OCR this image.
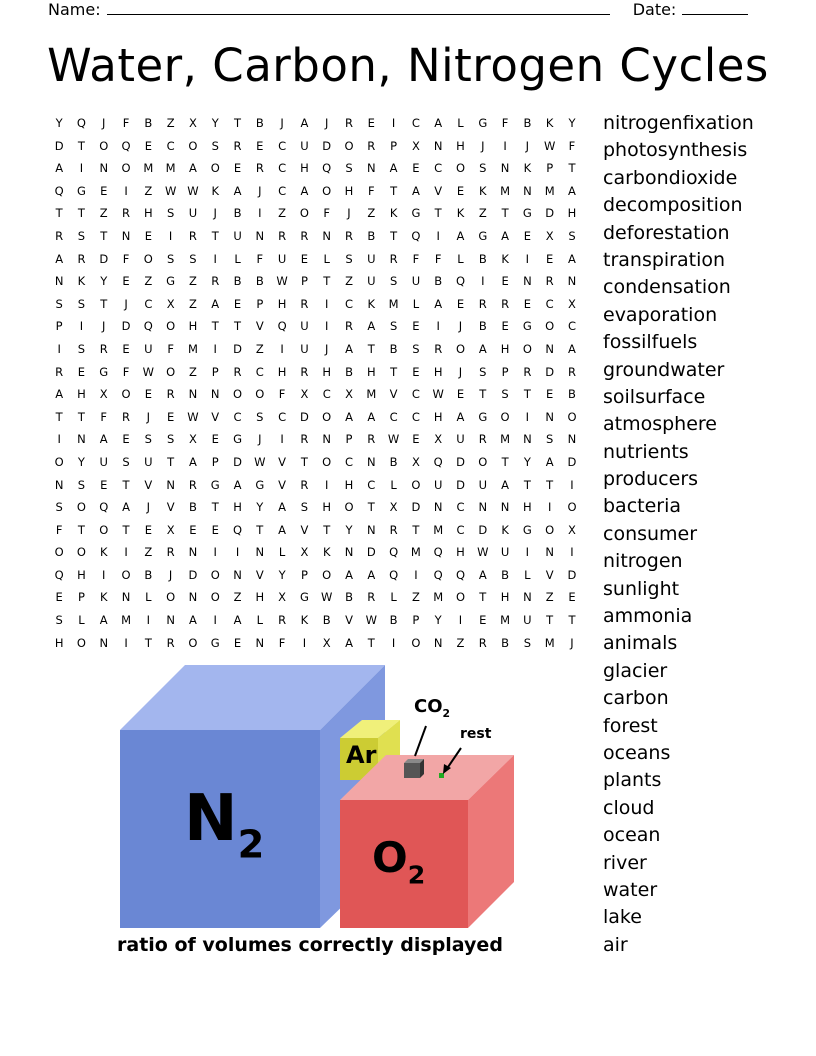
Name:	Date:
Water, Carbon, Nitrogen Cycles
Y	Q	J	F	B	Z	X	Y	T	B	J	A	J	R	E	I	C	A	L	G	F	B	K	Y
D	T	O	Q	E	C	O	S	R	E	C	U	D	O	R	P	X	N	H	J	I	J	W	F
A	I	N	O	M	M	A	O	E	R	C	H	Q	S	N	A	E	C	O	S	N	K	P	T
Q	G	E	I	Z	W W	K	A	J	C	A	O	H	F	T	A	V	E	K	M	N	M	A
T	T	Z	R	H	S	U	J	B	I	Z	O	F	J	Z	K	G	T	K	Z	T	G	D	H
R	S	T	N	E	I	R	T	U	N	R	R	N	R	B	T	Q	I	A	G	A	E	X	S
A	R	D	F	O	S	S	I	L	F	U	E	L	S	U	R	F	F	L	B	K	I	E	A
N	K	Y	E	Z	G	Z	R	B	B	W	P	T	Z	U	S	U	B	Q	I	E	N	R	N
S	S	T	J	C	X	Z	A	E	P	H	R	I	C	K	M	L	A	E	R	R	E	C	X
P	I	J	D	Q	O	H	T	T	V	Q	U	I	R	A	S	E	I	J	B	E	G	O	C
I	S	R	E	U	F	M	I	D	Z	I	U	J	A	T	B	S	R	O	A	H	O	N	A
R	E	G	F	W	O	Z	P	R	C	H	R	H	B	H	T	E	H	J	S	P	R	D	R
A	H	X	O	E	R	N	N	O	O	F	X	C	X	M	V	C	W	E	T	S	T	E	B
T	T	F	R	J	E	W	V	C	S	C	D	O	A	A	C	C	H	A	G	O	I	N	O
I	N	A	E	S	S	X	E	G	J	I	R	N	P	R	W	E	X	U	R	M	N	S	N
O	Y	U	S	U	T	A	P	D	W	V	T	O	C	N	B	X	Q	D	O	T	Y	A	D
N	S	E	T	V	N	R	G	A	G	V	R	I	H	C	L	O	U	D	U	A	T	T	I
S	O	Q	A	J	V	B	T	H	Y	A	S	H	O	T	X	D	N	C	N	N	H	I	O
F	T	O	T	E	X	E	E	Q	T	A	V	T	Y	N	R	T	M	C	D	K	G	O	X
O	O	K	I	Z	R	N	I	I	N	L	X	K	N	D	Q	M	Q	H	W	U	I	N	I
Q	H	I	O	B	J	D	O	N	V	Y	P	O	A	A	Q	I	Q	Q	A	B	L	V	D
E	P	K	N	L	O	N	O	Z	H	X	G	W	B	R	L	Z	M	O	T	H	N	Z	E
S	L	A	M	I	N	A	I	A	L	R	K	B	V	W	B	P	Y	I	E	M	U	T	T
H	O	N	I	T	R	O	G	E	N	F	I	X	A	T	I	O	N	Z	R	B	S	M	J
nitrogenfixation
photosynthesis
carbondioxide
decomposition
deforestation
transpiration
condensation
evaporation
fossilfuels
groundwater
soilsurface
atmosphere
nutrients
producers
bacteria
consumer
nitrogen
sunlight
ammonia
animals
glacier
carbon
forest
oceans
plants
cloud
ocean
river
water
lake
air
$N_2$	$O_2$
Ar
$CO_2$
rest
ratio of volumes correctly displayed
